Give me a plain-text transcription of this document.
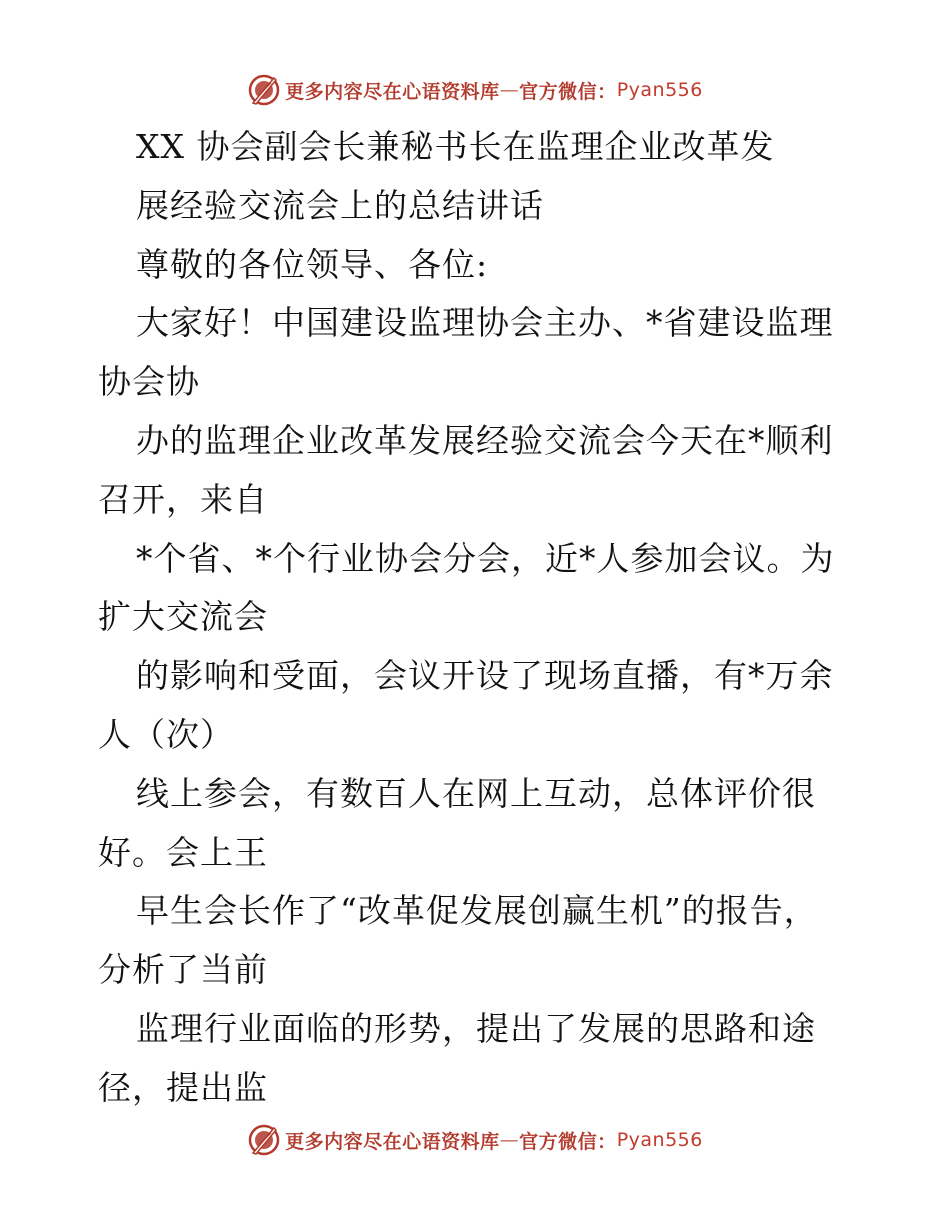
更多内容尽在心语资料库 — 官方微信： Pyan556
XX 协会副会长兼秘书长在监理企业改革发
展经验交流会上的总结讲话
尊敬的各位领导、各位:
大家好！中国建设监理协会主办、*省建设监理
协会协
办的监理企业改革发展经验交流会今天在*顺利
召开，来自
*个省、*个行业协会分会，近*人参加会议。为
扩大交流会
的影响和受面，会议开设了现场直播，有*万余
人（次）
线上参会，有数百人在网上互动，总体评价很
好。会上王
早生会长作了“改革促发展创赢生机”的报告，
分析了当前
监理行业面临的形势，提出了发展的思路和途
径，提出监
更多内容尽在心语资料库 — 官方微信： Pyan556
